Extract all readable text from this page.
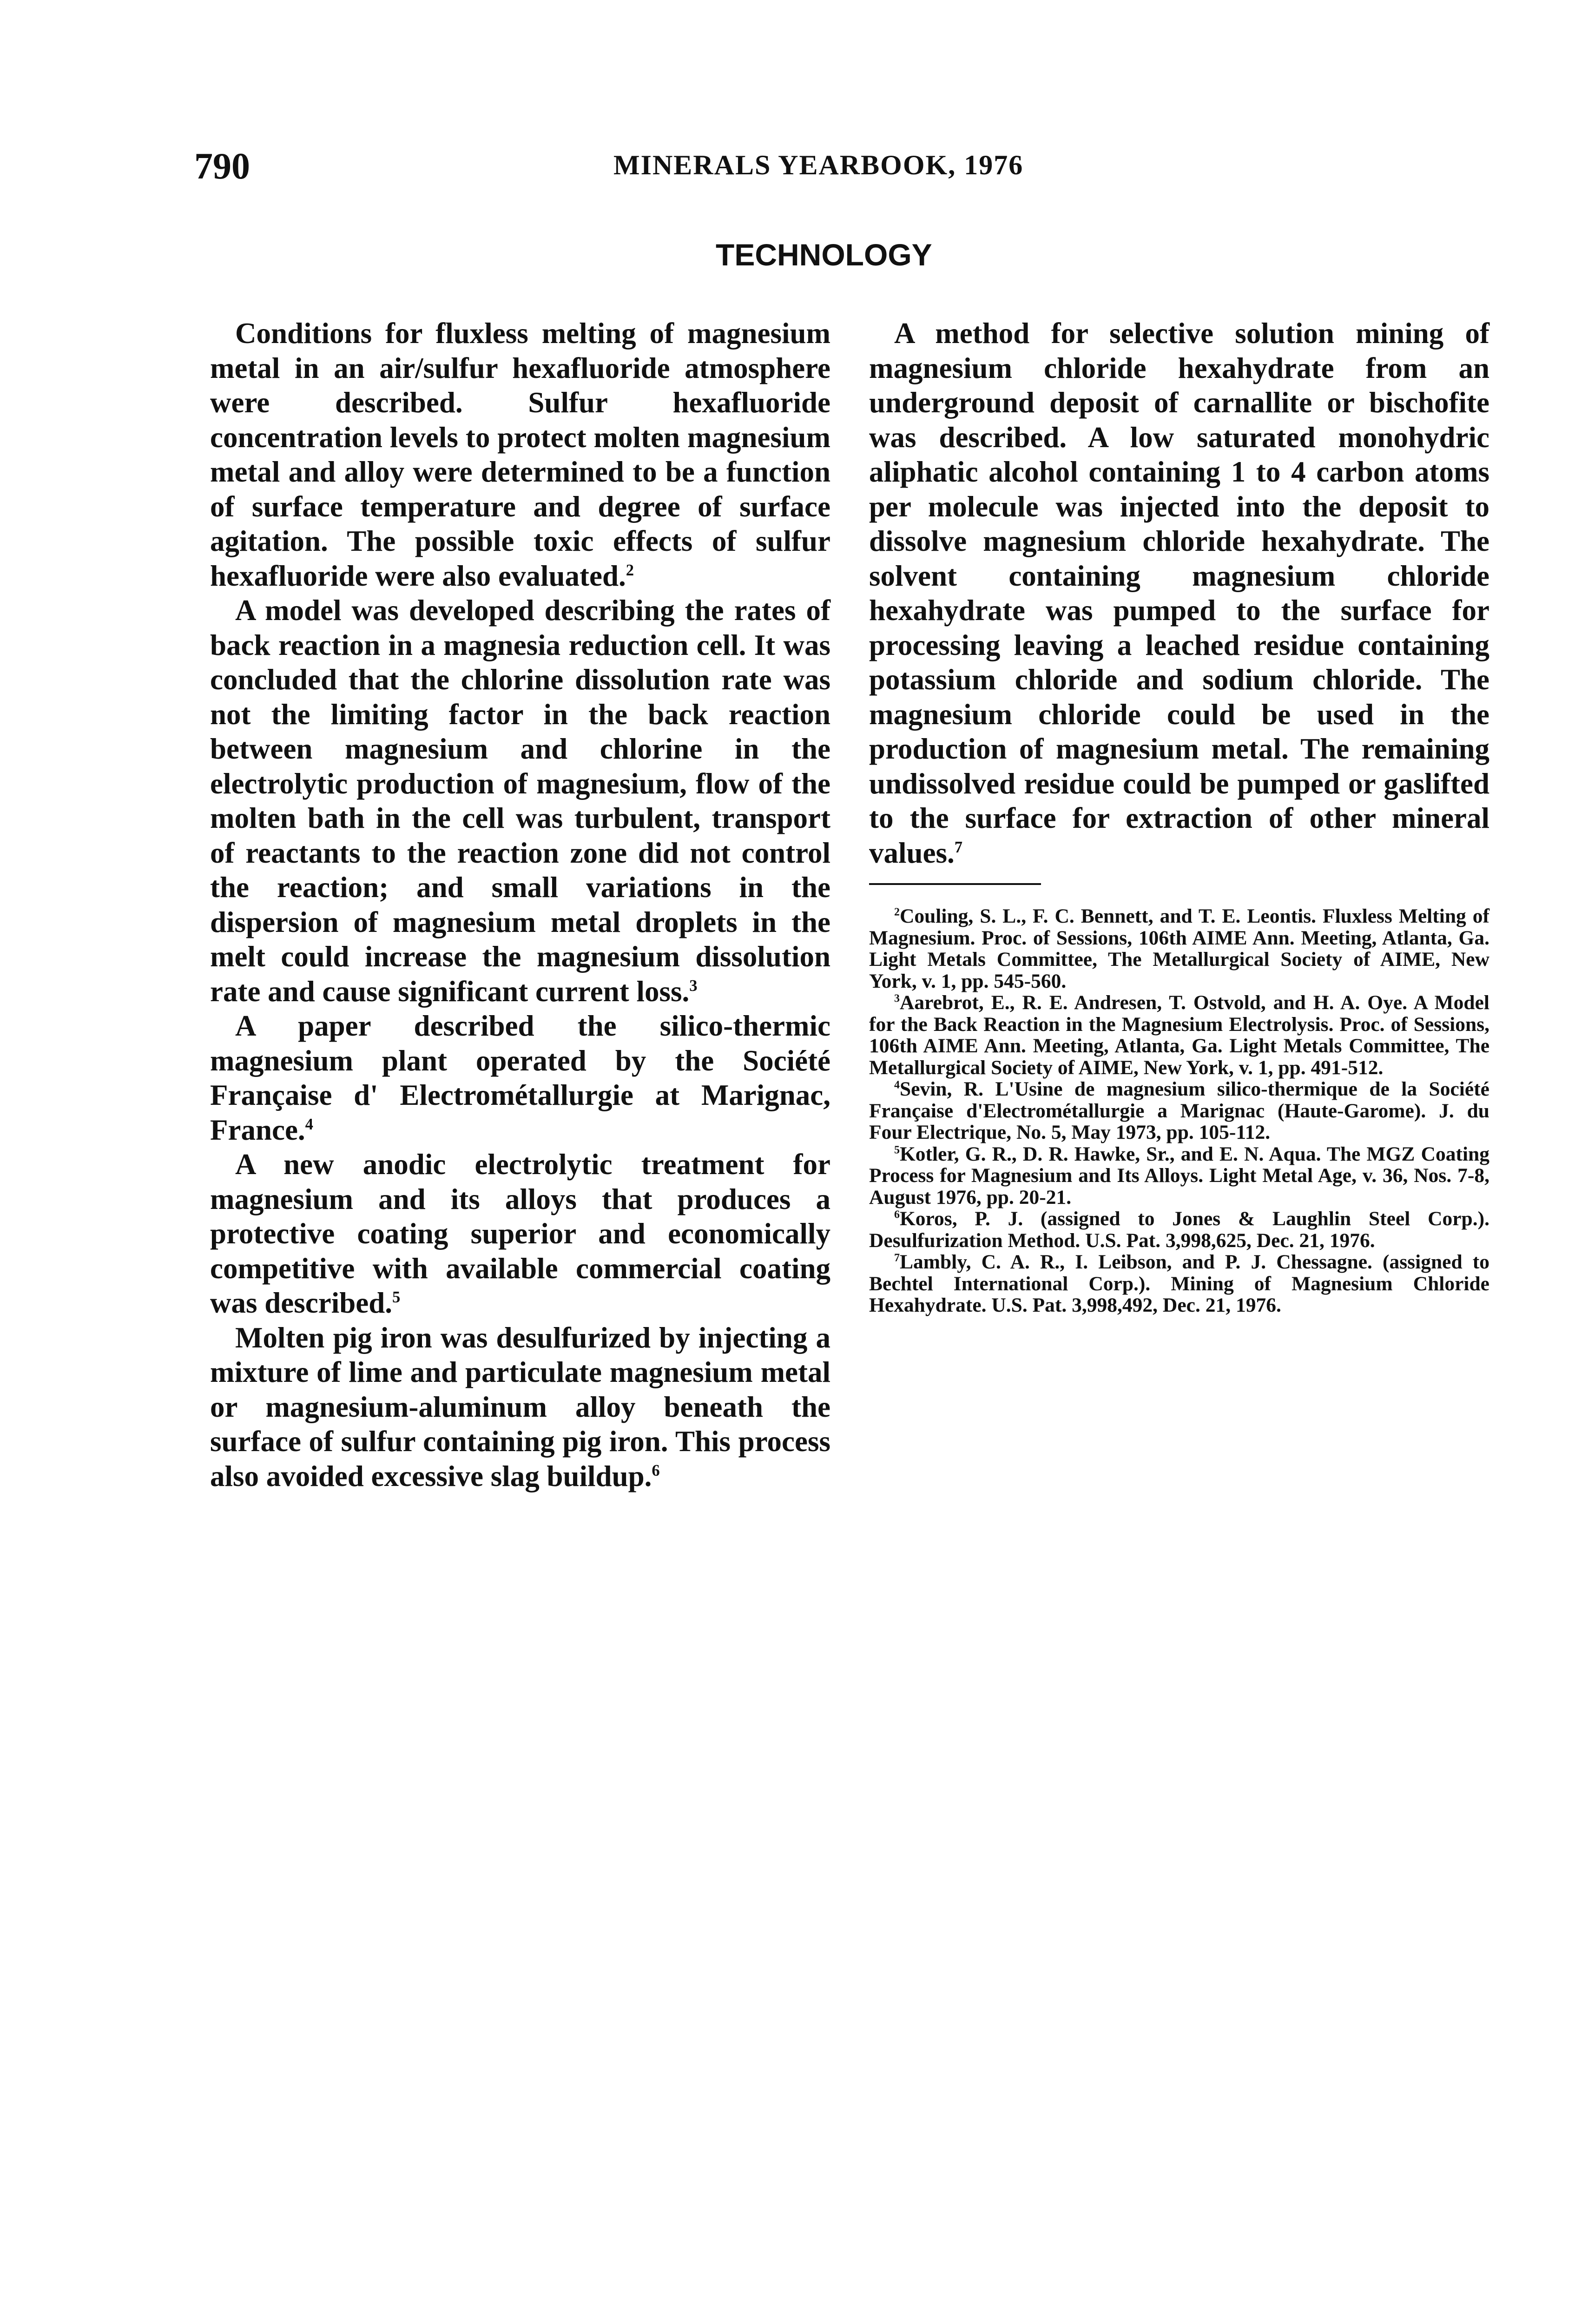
790	MINERALS YEARBOOK, 1976
TECHNOLOGY

Conditions for fluxless melting of magnesium metal in an air/sulfur hexafluoride atmosphere were described. Sulfur hexafluoride concentration levels to protect molten magnesium metal and alloy were determined to be a function of surface temperature and degree of surface agitation. The possible toxic effects of sulfur hexafluoride were also evaluated.$^2$

A model was developed describing the rates of back reaction in a magnesia reduction cell. It was concluded that the chlorine dissolution rate was not the limiting factor in the back reaction between magnesium and chlorine in the electrolytic production of magnesium, flow of the molten bath in the cell was turbulent, transport of reactants to the reaction zone did not control the reaction; and small variations in the dispersion of magnesium metal droplets in the melt could increase the magnesium dissolution rate and cause significant current loss.$^3$

A paper described the silico-thermic magnesium plant operated by the Société Française d' Electrométallurgie at Marignac, France.$^4$

A new anodic electrolytic treatment for magnesium and its alloys that produces a protective coating superior and economically competitive with available commercial coating was described.$^5$

Molten pig iron was desulfurized by injecting a mixture of lime and particulate magnesium metal or magnesium-aluminum alloy beneath the surface of sulfur containing pig iron. This process also avoided excessive slag buildup.$^6$

A method for selective solution mining of magnesium chloride hexahydrate from an underground deposit of carnallite or bischofite was described. A low saturated monohydric aliphatic alcohol containing 1 to 4 carbon atoms per molecule was injected into the deposit to dissolve magnesium chloride hexahydrate. The solvent containing magnesium chloride hexahydrate was pumped to the surface for processing leaving a leached residue containing potassium chloride and sodium chloride. The magnesium chloride could be used in the production of magnesium metal. The remaining undissolved residue could be pumped or gaslifted to the surface for extraction of other mineral values.$^7$

$^2$Couling, S. L., F. C. Bennett, and T. E. Leontis. Fluxless Melting of Magnesium. Proc. of Sessions, 106th AIME Ann. Meeting, Atlanta, Ga. Light Metals Committee, The Metallurgical Society of AIME, New York, v. 1, pp. 545-560.

$^3$Aarebrot, E., R. E. Andresen, T. Ostvold, and H. A. Oye. A Model for the Back Reaction in the Magnesium Electrolysis. Proc. of Sessions, 106th AIME Ann. Meeting, Atlanta, Ga. Light Metals Committee, The Metallurgical Society of AIME, New York, v. 1, pp. 491-512.

$^4$Sevin, R. L'Usine de magnesium silico-thermique de la Société Française d'Electrométallurgie a Marignac (Haute-Garome). J. du Four Electrique, No. 5, May 1973, pp. 105-112.

$^5$Kotler, G. R., D. R. Hawke, Sr., and E. N. Aqua. The MGZ Coating Process for Magnesium and Its Alloys. Light Metal Age, v. 36, Nos. 7-8, August 1976, pp. 20-21.

$^6$Koros, P. J. (assigned to Jones & Laughlin Steel Corp.). Desulfurization Method. U.S. Pat. 3,998,625, Dec. 21, 1976.

$^7$Lambly, C. A. R., I. Leibson, and P. J. Chessagne. (assigned to Bechtel International Corp.). Mining of Magnesium Chloride Hexahydrate. U.S. Pat. 3,998,492, Dec. 21, 1976.
